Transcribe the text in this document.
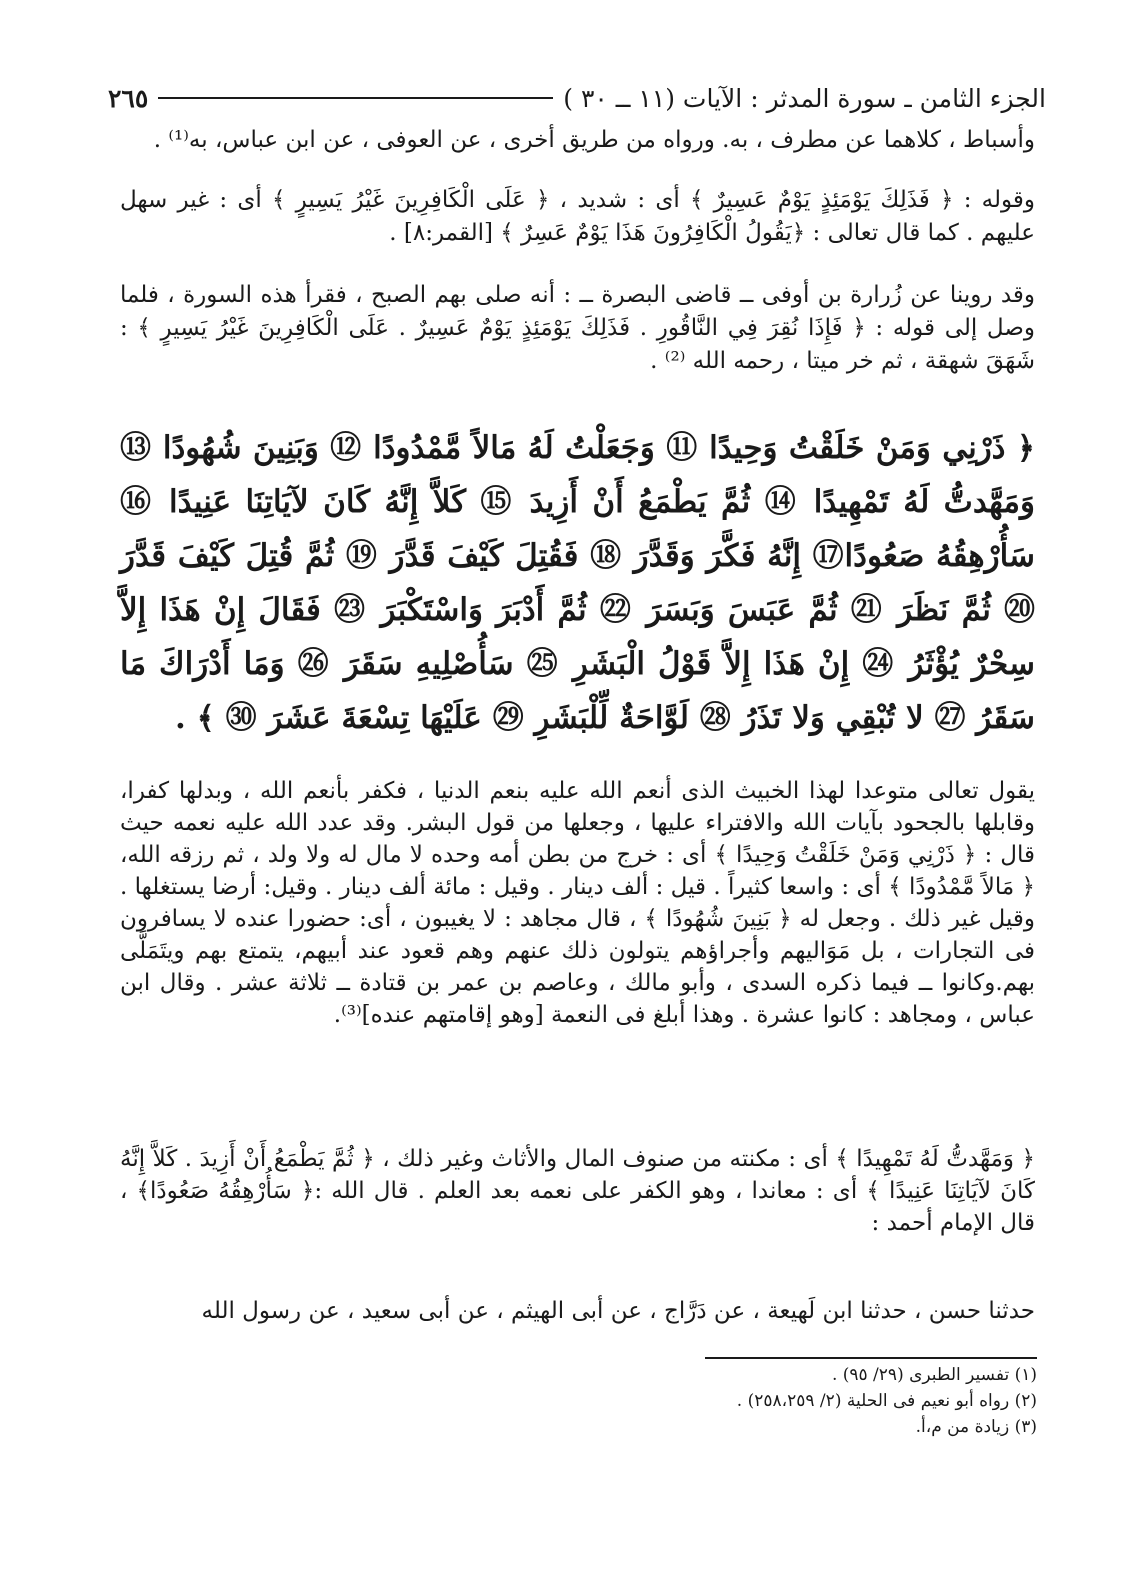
الجزء الثامن ـ سورة المدثر : الآيات (١١ ــ ٣٠ )
٢٦٥

وأسباط ، كلاهما عن مطرف ، به. ورواه من طريق أخرى ، عن العوفى ، عن ابن عباس، به⁽¹⁾ .

وقوله : ﴿ فَذَلِكَ يَوْمَئِذٍ يَوْمٌ عَسِيرٌ ﴾ أى : شديد ، ﴿ عَلَى الْكَافِرِينَ غَيْرُ يَسِيرٍ ﴾ أى : غير سهل عليهم . كما قال تعالى : ﴿يَقُولُ الْكَافِرُونَ هَذَا يَوْمٌ عَسِرٌ ﴾ [القمر:٨] .

وقد روينا عن زُرارة بن أوفى ــ قاضى البصرة ــ : أنه صلى بهم الصبح ، فقرأ هذه السورة ، فلما وصل إلى قوله : ﴿ فَإِذَا نُقِرَ فِي النَّاقُورِ . فَذَلِكَ يَوْمَئِذٍ يَوْمٌ عَسِيرٌ . عَلَى الْكَافِرِينَ غَيْرُ يَسِيرٍ ﴾ : شَهَقَ شهقة ، ثم خر ميتا ، رحمه الله ⁽²⁾ .

﴿ ذَرْنِي وَمَنْ خَلَقْتُ وَحِيدًا ⑪ وَجَعَلْتُ لَهُ مَالاً مَّمْدُودًا ⑫ وَبَنِينَ شُهُودًا ⑬ وَمَهَّدتُّ لَهُ تَمْهِيدًا ⑭ ثُمَّ يَطْمَعُ أَنْ أَزِيدَ ⑮ كَلاَّ إِنَّهُ كَانَ لآيَاتِنَا عَنِيدًا ⑯ سَأُرْهِقُهُ صَعُودًا⑰ إِنَّهُ فَكَّرَ وَقَدَّرَ ⑱ فَقُتِلَ كَيْفَ قَدَّرَ ⑲ ثُمَّ قُتِلَ كَيْفَ قَدَّرَ ⑳ ثُمَّ نَظَرَ ㉑ ثُمَّ عَبَسَ وَبَسَرَ ㉒ ثُمَّ أَدْبَرَ وَاسْتَكْبَرَ ㉓ فَقَالَ إِنْ هَذَا إِلاَّ سِحْرٌ يُؤْثَرُ ㉔ إِنْ هَذَا إِلاَّ قَوْلُ الْبَشَرِ ㉕ سَأُصْلِيهِ سَقَرَ ㉖ وَمَا أَدْرَاكَ مَا سَقَرُ ㉗ لا تُبْقِي وَلا تَذَرُ ㉘ لَوَّاحَةٌ لِّلْبَشَرِ ㉙ عَلَيْهَا تِسْعَةَ عَشَرَ ㉚ ﴾ .

يقول تعالى متوعدا لهذا الخبيث الذى أنعم الله عليه بنعم الدنيا ، فكفر بأنعم الله ، وبدلها كفرا، وقابلها بالجحود بآيات الله والافتراء عليها ، وجعلها من قول البشر. وقد عدد الله عليه نعمه حيث قال : ﴿ ذَرْنِي وَمَنْ خَلَقْتُ وَحِيدًا ﴾ أى : خرج من بطن أمه وحده لا مال له ولا ولد ، ثم رزقه الله، ﴿ مَالاً مَّمْدُودًا ﴾ أى : واسعا كثيراً . قيل : ألف دينار . وقيل : مائة ألف دينار . وقيل: أرضا يستغلها . وقيل غير ذلك . وجعل له ﴿ بَنِينَ شُهُودًا ﴾ ، قال مجاهد : لا يغيبون ، أى: حضورا عنده لا يسافرون فى التجارات ، بل مَوَاليهم وأجراؤهم يتولون ذلك عنهم وهم قعود عند أبيهم، يتمتع بهم ويتَمَلَّى بهم.وكانوا ــ فيما ذكره السدى ، وأبو مالك ، وعاصم بن عمر بن قتادة ــ ثلاثة عشر . وقال ابن عباس ، ومجاهد : كانوا عشرة . وهذا أبلغ فى النعمة [وهو إقامتهم عنده]⁽³⁾.

﴿ وَمَهَّدتُّ لَهُ تَمْهِيدًا ﴾ أى : مكنته من صنوف المال والأثاث وغير ذلك ، ﴿ ثُمَّ يَطْمَعُ أَنْ أَزِيدَ . كَلاَّ إِنَّهُ كَانَ لآيَاتِنَا عَنِيدًا ﴾ أى : معاندا ، وهو الكفر على نعمه بعد العلم . قال الله :﴿ سَأُرْهِقُهُ صَعُودًا﴾ ، قال الإمام أحمد :

حدثنا حسن ، حدثنا ابن لَهيعة ، عن دَرَّاج ، عن أبى الهيثم ، عن أبى سعيد ، عن رسول الله

(١) تفسير الطبرى (٢٩/ ٩٥) .

(٢) رواه أبو نعيم فى الحلية (٢/ ٢٥٨،٢٥٩) .

(٣) زيادة من م،أ.
